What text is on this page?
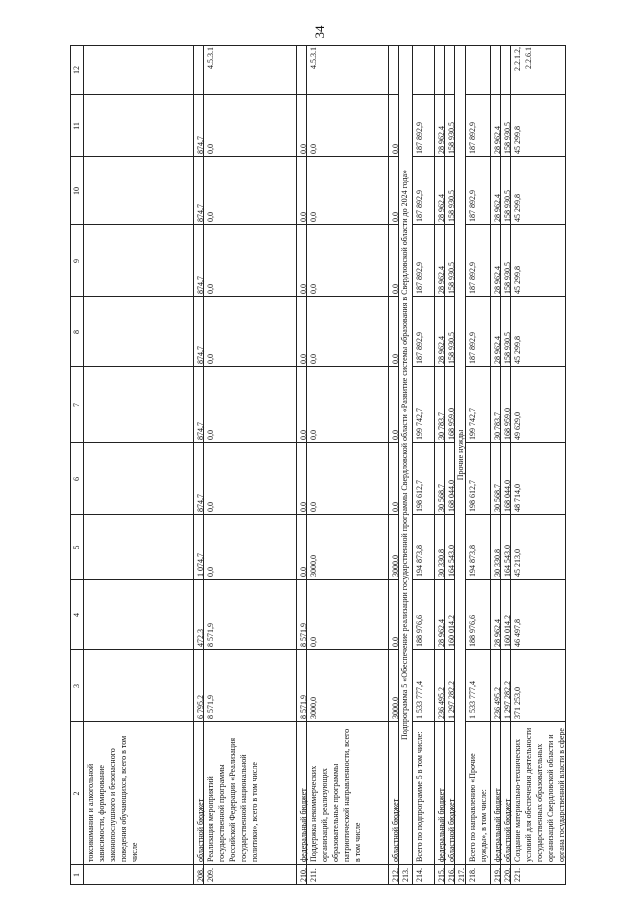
34
1
2
3
4
5
6
7
8
9
10
11
12
токсикомании и алкогольной зависимости, формирование законопослушного и безопасного поведения обучающихся, всего в том числе
208.
областной бюджет
6 795,2
472,3
1 074,7
874,7
874,7
874,7
874,7
874,7
874,7
209.
Реализация мероприятий государственной программы Российской Федерации «Реализация государственной национальной политики», всего в том числе
8 571,9
8 571,9
0,0
0,0
0,0
0,0
0,0
0,0
0,0
4.5.3.1
210.
федеральный бюджет
8 571,9
8 571,9
0,0
0,0
0,0
0,0
0,0
0,0
0,0
211.
Поддержка некоммерческих организаций, реализующих образовательные программы патриотической направленности, всего в том числе
3000,0
0,0
3000,0
0,0
0,0
0,0
0,0
0,0
0,0
4.5.3.1
212.
областной бюджет
3000,0
0,0
3000,0
0,0
0,0
0,0
0,0
0,0
0,0
214.
Всего по подпрограмме 5 в том числе:
1 533 777,4
188 976,6
194 873,8
198 612,7
199 742,7
187 892,9
187 892,9
187 892,9
187 892,9
215.
федеральный бюджет
236 495,2
28 962,4
30 330,8
30 568,7
30 783,7
28 962,4
28 962,4
28 962,4
28 962,4
216.
областной бюджет
1 297 282,2
160 014,2
164 543,0
168 044,0
168 959,0
158 930,5
158 930,5
158 930,5
158 930,5
218.
Всего по направлению «Прочие нужды», в том числе:
1 533 777,4
188 976,6
194 873,8
198 612,7
199 742,7
187 892,9
187 892,9
187 892,9
187 892,9
219.
федеральный бюджет
236 495,2
28 962,4
30 330,8
30 568,7
30 783,7
28 962,4
28 962,4
28 962,4
28 962,4
220.
областной бюджет
1 297 282,2
160 014,2
164 543,0
168 044,0
168 959,0
158 930,5
158 930,5
158 930,5
158 930,5
221.
Создание материально-технических условий для обеспечения деятельности государственных образовательных организаций Свердловской области и органа государственной власти в сфере
371 253,0
46 497,8
45 213,0
48 714,0
49 629,0
45 299,8
45 299,8
45 299,8
45 299,8
2.2.1.2, 2.2.6.1
213.
Подпрограмма 5 «Обеспечение реализации государственной программы Свердловской области «Развитие системы образования в Свердловской области до 2024 года»
217.
Прочие нужды
